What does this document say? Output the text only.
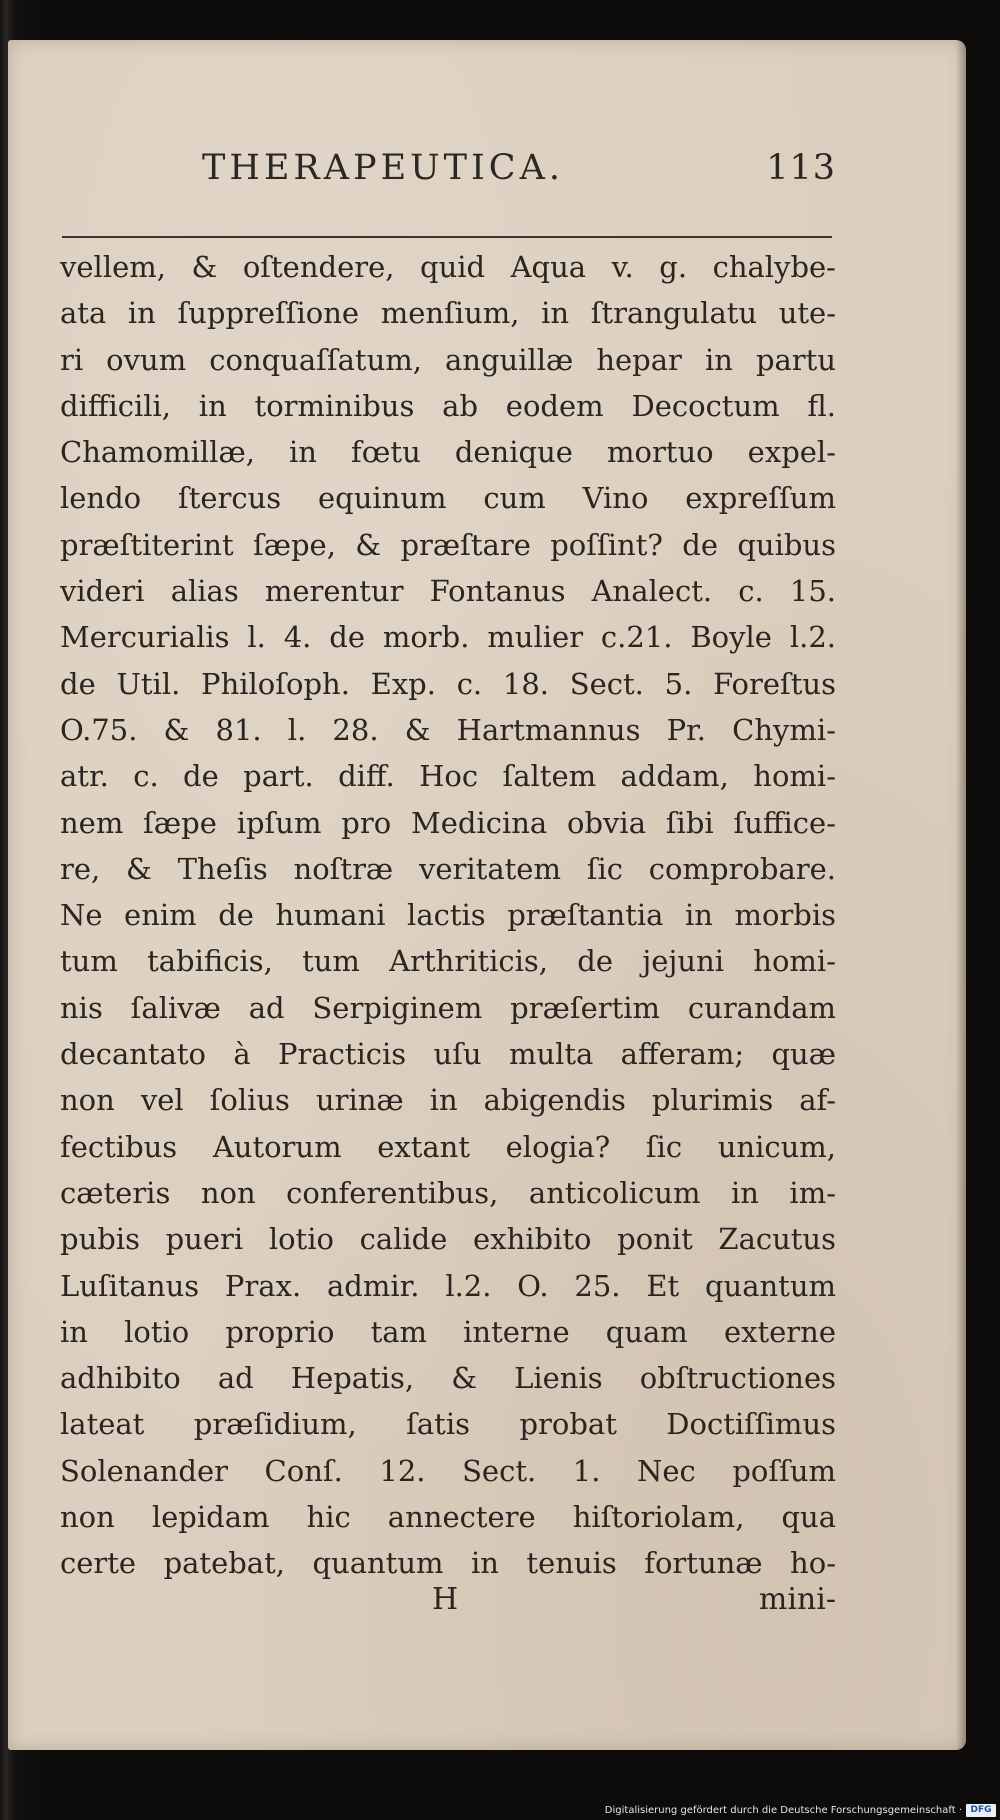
THERAPEUTICA.	113
vellem, & oſtendere, quid Aqua v. g. chalybe-
ata in ſuppreſſione menſium, in ſtrangulatu ute-
ri ovum conquaſſatum, anguillæ hepar in partu
difficili, in torminibus ab eodem Decoctum fl.
Chamomillæ, in fœtu denique mortuo expel-
lendo ſtercus equinum cum Vino expreſſum
præſtiterint ſæpe, & præſtare poſſint? de quibus
videri alias merentur Fontanus Analect. c. 15.
Mercurialis l. 4. de morb. mulier c.21. Boyle l.2.
de Util. Philoſoph. Exp. c. 18. Sect. 5. Foreſtus
O.75. & 81. l. 28. & Hartmannus Pr. Chymi-
atr. c. de part. diff. Hoc ſaltem addam, homi-
nem ſæpe ipſum pro Medicina obvia ſibi ſuffice-
re, & Theſis noſtræ veritatem ſic comprobare.
Ne enim de humani lactis præſtantia in morbis
tum tabificis, tum Arthriticis, de jejuni homi-
nis ſalivæ ad Serpiginem præſertim curandam
decantato à Practicis uſu multa afferam; quæ
non vel ſolius urinæ in abigendis plurimis af-
fectibus Autorum extant elogia? ſic unicum,
cæteris non conferentibus, anticolicum in im-
pubis pueri lotio calide exhibito ponit Zacutus
Luſitanus Prax. admir. l.2. O. 25. Et quantum
in lotio proprio tam interne quam externe
adhibito ad Hepatis, & Lienis obſtructiones
lateat præſidium, ſatis probat Doctiſſimus
Solenander Conſ. 12. Sect. 1. Nec poſſum
non lepidam hic annectere hiſtoriolam, qua
certe patebat, quantum in tenuis fortunæ ho-
H	mini-
Digitalisierung gefördert durch die Deutsche Forschungsgemeinschaft · DFG
